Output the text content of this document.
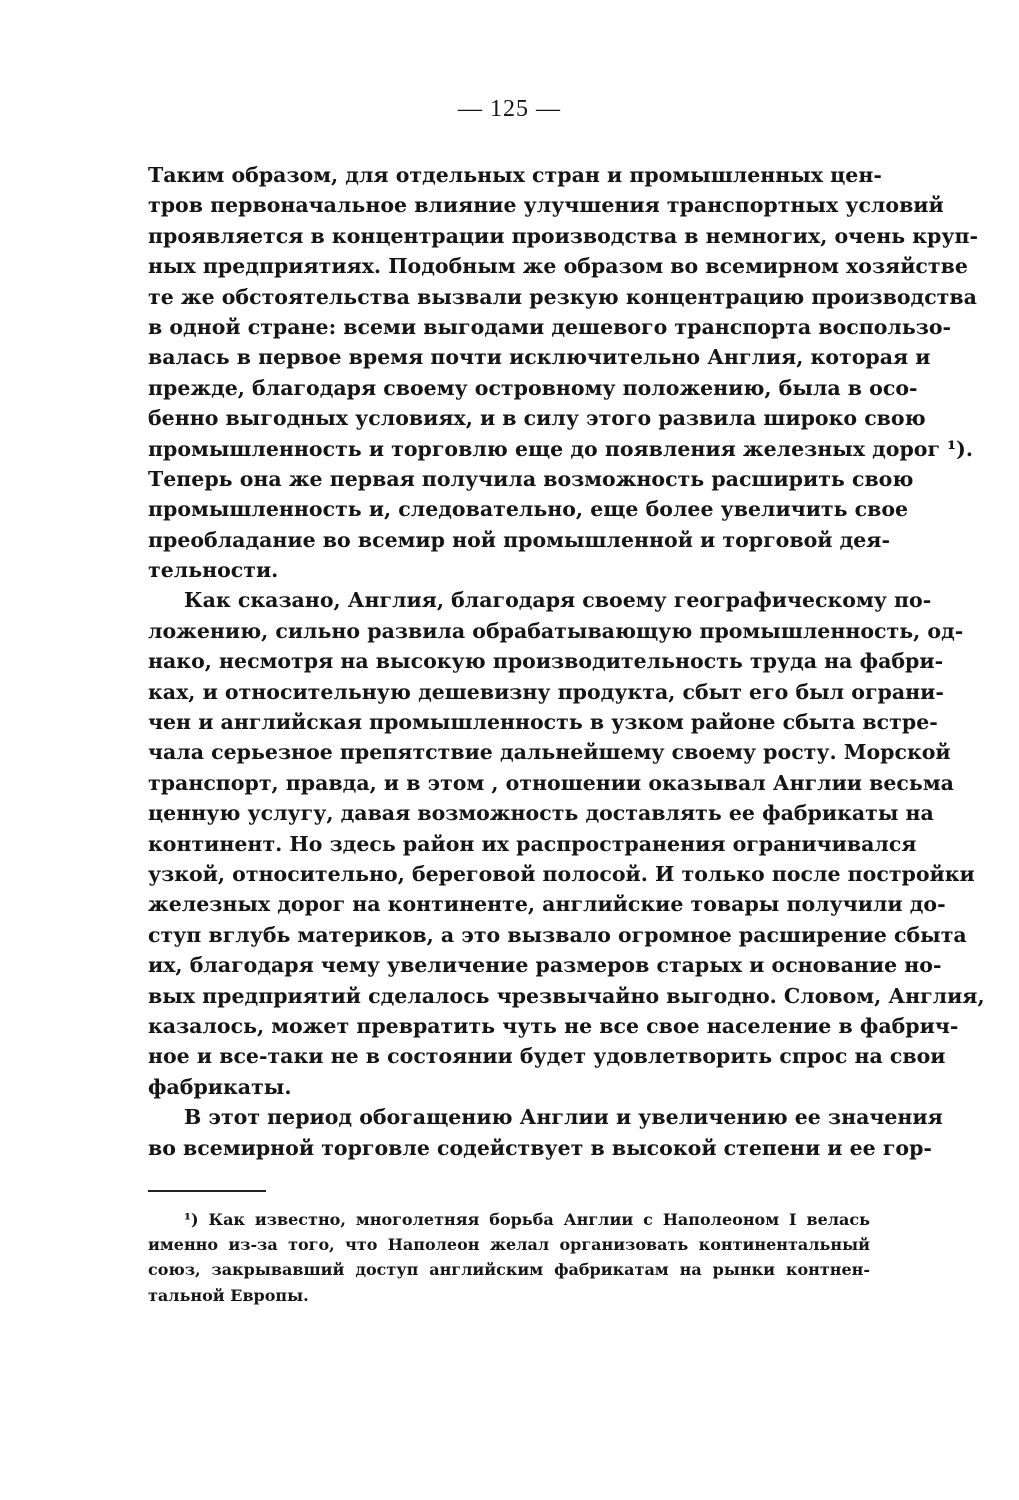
— 125 —
Таким образом, для отдельных стран и промышленных цен-
тров первоначальное влияние улучшения транспортных условий
проявляется в концентрации производства в немногих, очень круп-
ных предприятиях. Подобным же образом во всемирном хозяйстве
те же обстоятельства вызвали резкую концентрацию производства
в одной стране: всеми выгодами дешевого транспорта воспользо-
валась в первое время почти исключительно Англия, которая и
прежде, благодаря своему островному положению, была в осо-
бенно выгодных условиях, и в силу этого развила широко свою
промышленность и торговлю еще до появления железных дорог ¹).
Теперь она же первая получила возможность расширить свою
промышленность и, следовательно, еще более увеличить свое
преобладание во всемир ной промышленной и торговой дея-
тельности.
Как сказано, Англия, благодаря своему географическому по-
ложению, сильно развила обрабатывающую промышленность, од-
нако, несмотря на высокую производительность труда на фабри-
ках, и относительную дешевизну продукта, сбыт его был ограни-
чен и английская промышленность в узком районе сбыта встре-
чала серьезное препятствие дальнейшему своему росту. Морской
транспорт, правда, и в этом , отношении оказывал Англии весьма
ценную услугу, давая возможность доставлять ее фабрикаты на
континент. Но здесь район их распространения ограничивался
узкой, относительно, береговой полосой. И только после постройки
железных дорог на континенте, английские товары получили до-
ступ вглубь материков, а это вызвало огромное расширение сбыта
их, благодаря чему увеличение размеров старых и основание но-
вых предприятий сделалось чрезвычайно выгодно. Словом, Англия,
казалось, может превратить чуть не все свое население в фабрич-
ное и все-таки не в состоянии будет удовлетворить спрос на свои
фабрикаты.
В этот период обогащению Англии и увеличению ее значения
во всемирной торговле содействует в высокой степени и ее гор-
¹) Как известно, многолетняя борьба Англии с Наполеоном I велась
именно из-за того, что Наполеон желал организовать континентальный
союз, закрывавший доступ английским фабрикатам на рынки контнен-
тальной Европы.
